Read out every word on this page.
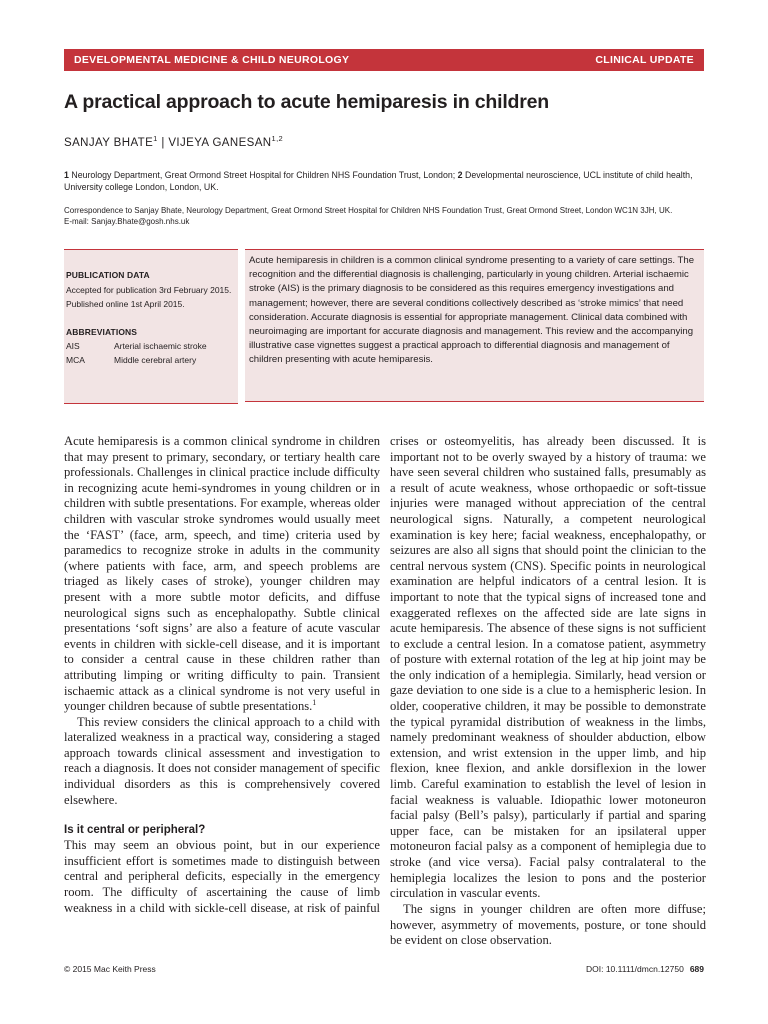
DEVELOPMENTAL MEDICINE & CHILD NEUROLOGY	CLINICAL UPDATE
A practical approach to acute hemiparesis in children
SANJAY BHATE$^1$ | VIJEYA GANESAN$^{1,2}$
1 Neurology Department, Great Ormond Street Hospital for Children NHS Foundation Trust, London; 2 Developmental neuroscience, UCL institute of child health, University college London, London, UK.
Correspondence to Sanjay Bhate, Neurology Department, Great Ormond Street Hospital for Children NHS Foundation Trust, Great Ormond Street, London WC1N 3JH, UK.
E-mail: Sanjay.Bhate@gosh.nhs.uk
PUBLICATION DATA
Accepted for publication 3rd February 2015.
Published online 1st April 2015.
ABBREVIATIONS
AIS	Arterial ischaemic stroke
MCA	Middle cerebral artery
Acute hemiparesis in children is a common clinical syndrome presenting to a variety of care settings. The recognition and the differential diagnosis is challenging, particularly in young children. Arterial ischaemic stroke (AIS) is the primary diagnosis to be considered as this requires emergency investigations and management; however, there are several conditions collectively described as ‘stroke mimics’ that need consideration. Accurate diagnosis is essential for appropriate management. Clinical data combined with neuroimaging are important for accurate diagnosis and management. This review and the accompanying illustrative case vignettes suggest a practical approach to differential diagnosis and management of children presenting with acute hemiparesis.

Acute hemiparesis is a common clinical syndrome in children that may present to primary, secondary, or tertiary health care professionals. Challenges in clinical practice include difficulty in recognizing acute hemi-syndromes in young children or in children with subtle presentations. For example, whereas older children with vascular stroke syndromes would usually meet the ‘FAST’ (face, arm, speech, and time) criteria used by paramedics to recognize stroke in adults in the community (where patients with face, arm, and speech problems are triaged as likely cases of stroke), younger children may present with a more subtle motor deficits, and diffuse neurological signs such as encephalopathy. Subtle clinical presentations ‘soft signs’ are also a feature of acute vascular events in children with sickle-cell disease, and it is important to consider a central cause in these children rather than attributing limping or writing difficulty to pain. Transient ischaemic attack as a clinical syndrome is not very useful in younger children because of subtle presentations.$^1$

This review considers the clinical approach to a child with lateralized weakness in a practical way, considering a staged approach towards clinical assessment and investigation to reach a diagnosis. It does not consider management of specific individual disorders as this is comprehensively covered elsewhere.

Is it central or peripheral?

This may seem an obvious point, but in our experience insufficient effort is sometimes made to distinguish between central and peripheral deficits, especially in the emergency room. The difficulty of ascertaining the cause of limb weakness in a child with sickle-cell disease, at risk of painful

crises or osteomyelitis, has already been discussed. It is important not to be overly swayed by a history of trauma: we have seen several children who sustained falls, presumably as a result of acute weakness, whose orthopaedic or soft-tissue injuries were managed without appreciation of the central neurological signs. Naturally, a competent neurological examination is key here; facial weakness, encephalopathy, or seizures are also all signs that should point the clinician to the central nervous system (CNS). Specific points in neurological examination are helpful indicators of a central lesion. It is important to note that the typical signs of increased tone and exaggerated reflexes on the affected side are late signs in acute hemiparesis. The absence of these signs is not sufficient to exclude a central lesion. In a comatose patient, asymmetry of posture with external rotation of the leg at hip joint may be the only indication of a hemiplegia. Similarly, head version or gaze deviation to one side is a clue to a hemispheric lesion. In older, cooperative children, it may be possible to demonstrate the typical pyramidal distribution of weakness in the limbs, namely predominant weakness of shoulder abduction, elbow extension, and wrist extension in the upper limb, and hip flexion, knee flexion, and ankle dorsiflexion in the lower limb. Careful examination to establish the level of lesion in facial weakness is valuable. Idiopathic lower motoneuron facial palsy (Bell’s palsy), particularly if partial and sparing upper face, can be mistaken for an ipsilateral upper motoneuron facial palsy as a component of hemiplegia due to stroke (and vice versa). Facial palsy contralateral to the hemiplegia localizes the lesion to pons and the posterior circulation in vascular events.

The signs in younger children are often more diffuse; however, asymmetry of movements, posture, or tone should be evident on close observation.

© 2015 Mac Keith Press	DOI: 10.1111/dmcn.12750 689
